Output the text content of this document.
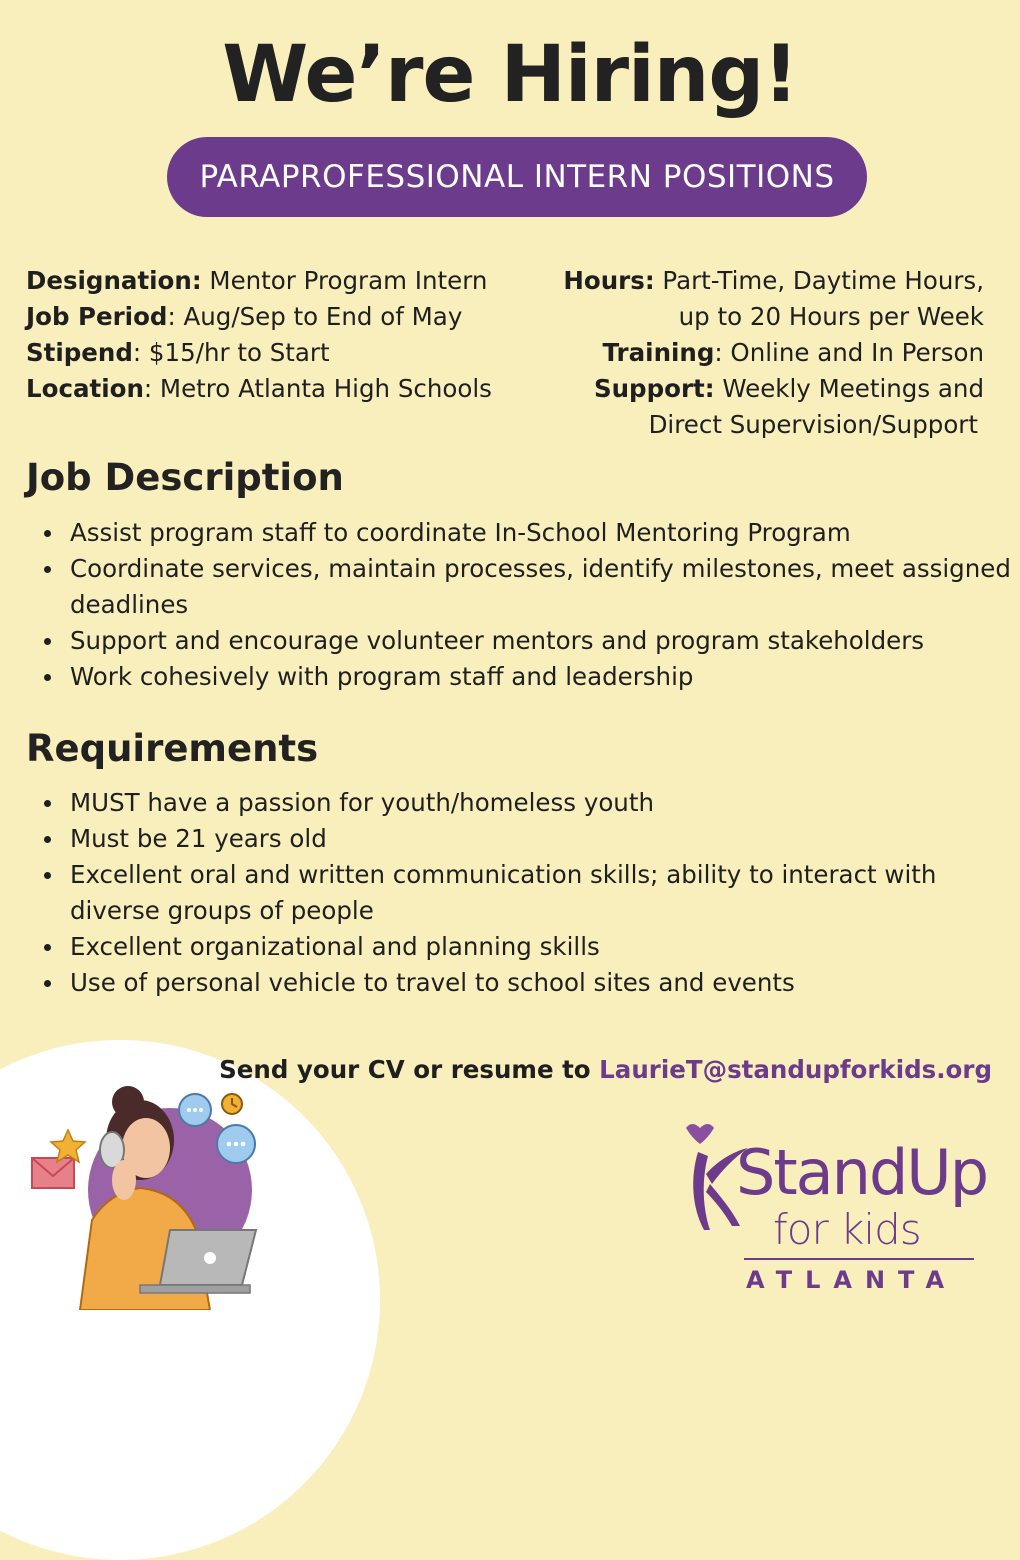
We’re Hiring!
PARAPROFESSIONAL INTERN POSITIONS
Designation: Mentor Program Intern
Job Period: Aug/Sep to End of May
Stipend: $15/hr to Start
Location: Metro Atlanta High Schools
Hours: Part-Time, Daytime Hours,
up to 20 Hours per Week
Training: Online and In Person
Support: Weekly Meetings and
Direct Supervision/Support
Job Description
Assist program staff to coordinate In-School Mentoring Program
Coordinate services, maintain processes, identify milestones, meet assigned deadlines
Support and encourage volunteer mentors and program stakeholders
Work cohesively with program staff and leadership
Requirements
MUST have a passion for youth/homeless youth
Must be 21 years old
Excellent oral and written communication skills; ability to interact with diverse groups of people
Excellent organizational and planning skills
Use of personal vehicle to travel to school sites and events
Send your CV or resume to LaurieT@standupforkids.org
StandUp
for kids
ATLANTA
